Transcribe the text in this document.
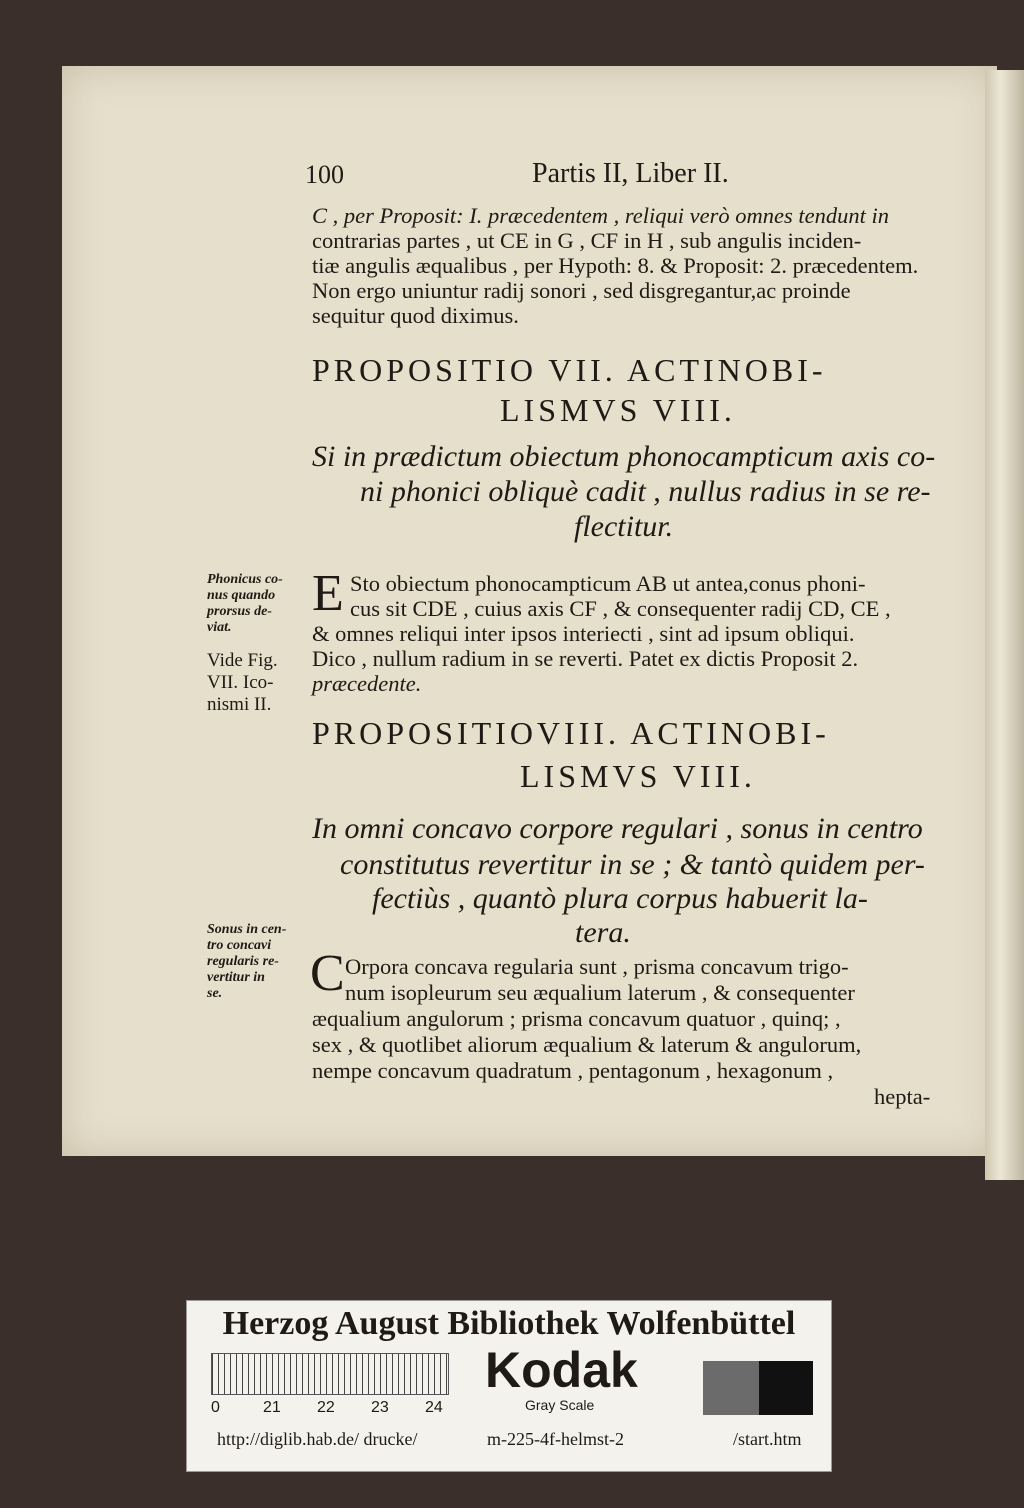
100	Partis II, Liber II.
C , per Proposit: I. præcedentem , reliqui verò omnes tendunt in
contrarias partes , ut CE in G , CF in H , sub angulis inciden-
tiæ angulis æqualibus , per Hypoth: 8. & Proposit: 2. præcedentem.
Non ergo uniuntur radij sonori , sed disgregantur,ac proinde
sequitur quod diximus.
PROPOSITIO VII. ACTINOBI-
LISMVS VIII.
Si in prædictum obiectum phonocampticum axis co-
ni phonici obliquè cadit , nullus radius in se re-
flectitur.
Phonicus co-
nus quando
prorsus de-
viat.
Vide Fig.
VII. Ico-
nismi II.
E Sto obiectum phonocampticum AB ut antea,conus phoni-
cus sit CDE , cuius axis CF , & consequenter radij CD, CE ,
& omnes reliqui inter ipsos interiecti , sint ad ipsum obliqui.
Dico , nullum radium in se reverti. Patet ex dictis Proposit 2.
præcedente.
PROPOSITIOVIII. ACTINOBI-
LISMVS VIII.
In omni concavo corpore regulari , sonus in centro
constitutus revertitur in se ; & tantò quidem per-
fectiùs , quantò plura corpus habuerit la-
tera.
Sonus in cen-
tro concavi
regularis re-
vertitur in
se.	C Orpora concava regularia sunt , prisma concavum trigo-
num isopleurum seu æqualium laterum , & consequenter
æqualium angulorum ; prisma concavum quatuor , quinq; ,
sex , & quotlibet aliorum æqualium & laterum & angulorum,
nempe concavum quadratum , pentagonum , hexagonum ,
hepta-
Herzog August Bibliothek Wolfenbüttel
0	21 22 23 24
Kodak
Gray Scale
http://diglib.hab.de/ drucke/	m-225-4f-helmst-2	/start.htm
